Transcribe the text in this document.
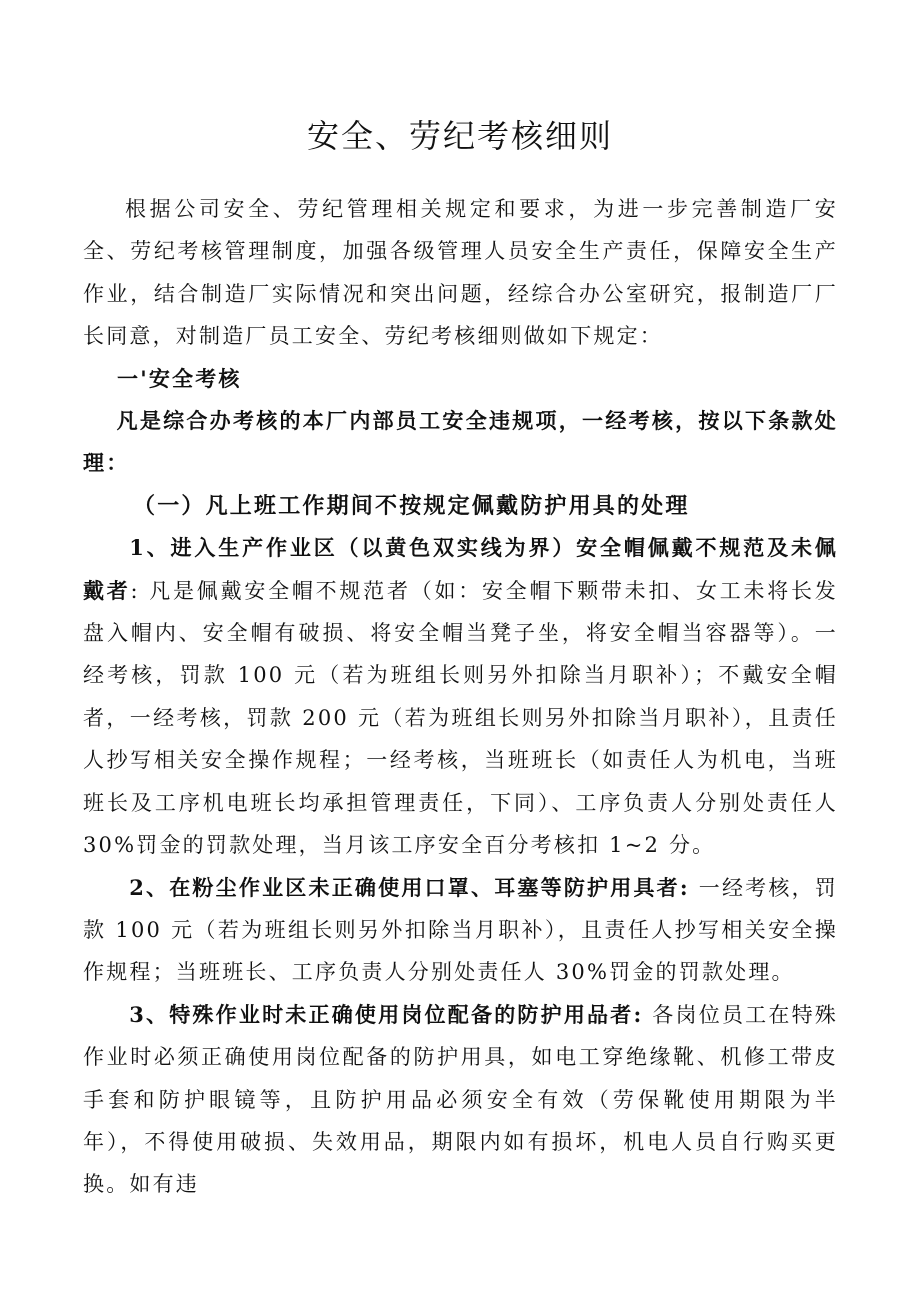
安全、劳纪考核细则

根据公司安全、劳纪管理相关规定和要求，为进一步完善制造厂安全、劳纪考核管理制度，加强各级管理人员安全生产责任，保障安全生产作业，结合制造厂实际情况和突出问题，经综合办公室研究，报制造厂厂长同意，对制造厂员工安全、劳纪考核细则做如下规定：

一'安全考核

凡是综合办考核的本厂内部员工安全违规项，一经考核，按以下条款处理：

（一）凡上班工作期间不按规定佩戴防护用具的处理

1、进入生产作业区（以黄色双实线为界）安全帽佩戴不规范及未佩戴者: 凡是佩戴安全帽不规范者（如：安全帽下颗带未扣、女工未将长发盘入帽内、安全帽有破损、将安全帽当凳子坐，将安全帽当容器等）。一经考核，罚款 100 元（若为班组长则另外扣除当月职补）；不戴安全帽者，一经考核，罚款 200 元（若为班组长则另外扣除当月职补），且责任人抄写相关安全操作规程；一经考核，当班班长（如责任人为机电，当班班长及工序机电班长均承担管理责任，下同）、工序负责人分别处责任人 30%罚金的罚款处理，当月该工序安全百分考核扣 1~2 分。

2、在粉尘作业区未正确使用口罩、耳塞等防护用具者: 一经考核，罚款 100 元（若为班组长则另外扣除当月职补），且责任人抄写相关安全操作规程；当班班长、工序负责人分别处责任人 30%罚金的罚款处理。

3、特殊作业时未正确使用岗位配备的防护用品者: 各岗位员工在特殊作业时必须正确使用岗位配备的防护用具，如电工穿绝缘靴、机修工带皮手套和防护眼镜等，且防护用品必须安全有效（劳保靴使用期限为半年），不得使用破损、失效用品，期限内如有损坏，机电人员自行购买更换。如有违
